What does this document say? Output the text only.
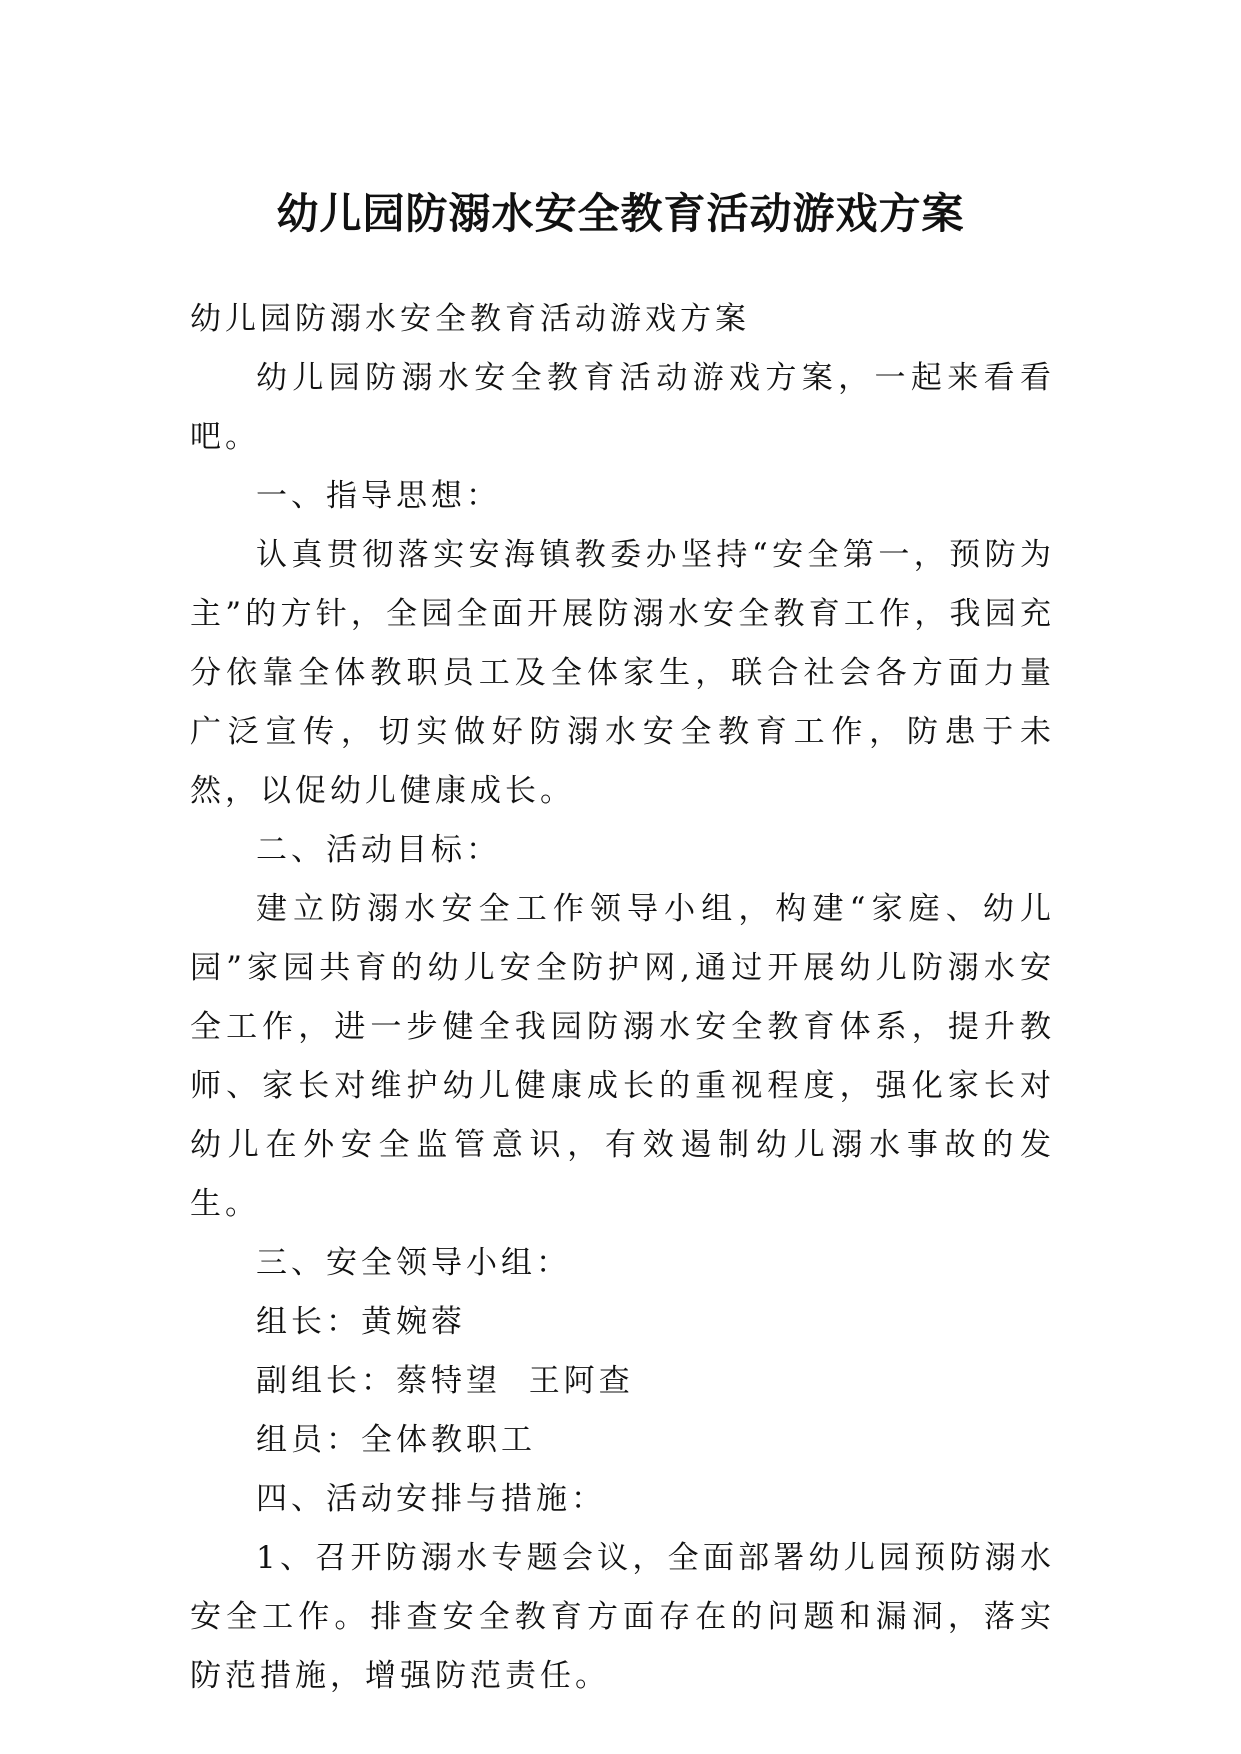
幼儿园防溺水安全教育活动游戏方案

幼儿园防溺水安全教育活动游戏方案

幼儿园防溺水安全教育活动游戏方案，一起来看看吧。

一、指导思想：

认真贯彻落实安海镇教委办坚持“安全第一，预防为主”的方针，全园全面开展防溺水安全教育工作，我园充分依靠全体教职员工及全体家生，联合社会各方面力量广泛宣传，切实做好防溺水安全教育工作，防患于未然，以促幼儿健康成长。

二、活动目标：

建立防溺水安全工作领导小组，构建“家庭、幼儿园”家园共育的幼儿安全防护网,通过开展幼儿防溺水安全工作，进一步健全我园防溺水安全教育体系，提升教师、家长对维护幼儿健康成长的重视程度，强化家长对幼儿在外安全监管意识，有效遏制幼儿溺水事故的发生。

三、安全领导小组：

组长：黄婉蓉

副组长：蔡特望  王阿查

组员：全体教职工

四、活动安排与措施：

1、召开防溺水专题会议，全面部署幼儿园预防溺水安全工作。排查安全教育方面存在的问题和漏洞，落实防范措施，增强防范责任。
